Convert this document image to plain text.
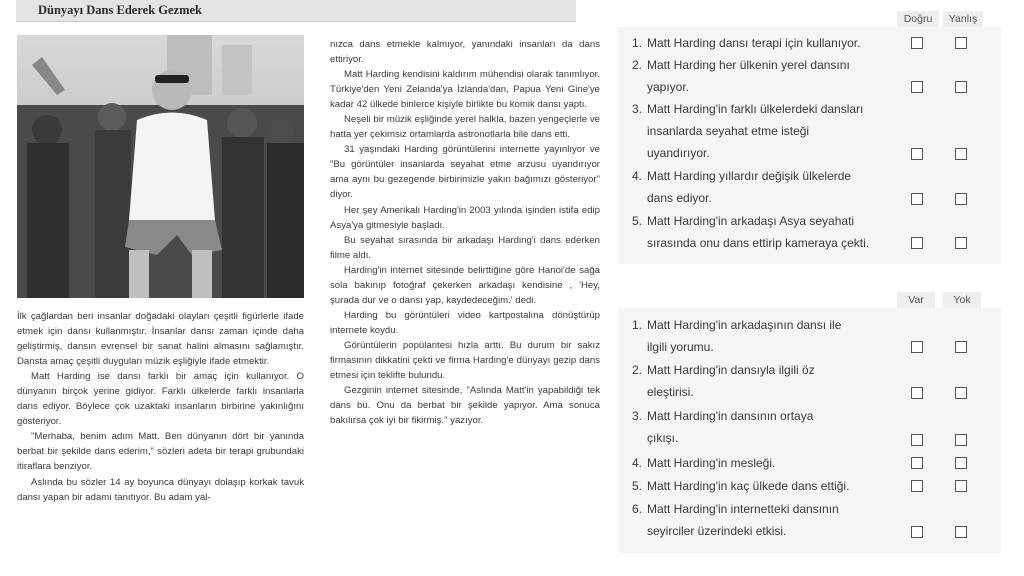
Dünyayı Dans Ederek Gezmek

İlk çağlardan beri insanlar doğadaki olayları çeşitli figürlerle ifade etmek için dansı kullanmıştır. İnsanlar dansı zaman içinde daha geliştirmiş, dansın evrensel bir sanat halini almasını sağlamıştır. Dansta amaç çeşitli duyguları müzik eşliğiyle ifade etmektir.

Matt Harding ise dansı farklı bir amaç için kullanıyor. O dünyanın birçok yerine gidiyor. Farklı ülkelerde farklı insanlarla dans ediyor. Böylece çok uzaktaki insanların birbirine yakınlığını gösteriyor.

"Merhaba, benim adım Matt. Ben dünyanın dört bir yanında berbat bir şekilde dans ederim," sözleri adeta bir terapi grubundaki itiraflara benziyor.

Aslında bu sözler 14 ay boyunca dünyayı dolaşıp korkak tavuk dansı yapan bir adamı tanıtıyor. Bu adam yal-

nızca dans etmekle kalmıyor, yanındaki insanları da dans ettiriyor.

Matt Harding kendisini kaldırım mühendisi olarak tanımlıyor. Türkiye'den Yeni Zelanda'ya İzlanda'dan, Papua Yeni Gine'ye kadar 42 ülkede binlerce kişiyle birlikte bu komik dansı yaptı.

Neşeli bir müzik eşliğinde yerel halkla, bazen yengeçlerle ve hatta yer çekimsiz ortamlarda astronotlarla bile dans etti.

31 yaşındaki Harding görüntülerini internette yayınlıyor ve "Bu görüntüler insanlarda seyahat etme arzusu uyandırıyor ama aynı bu gezegende birbirimizle yakın bağımızı gösteriyor" diyor.

Her şey Amerikalı Harding'in 2003 yılında işinden istifa edip Asya'ya gitmesiyle başladı.

Bu seyahat sırasında bir arkadaşı Harding'i dans ederken filme aldı.

Harding'in internet sitesinde belirttiğine göre Hanoi'de sağa sola bakınıp fotoğraf çekerken arkadaşı kendisine , 'Hey, şurada dur ve o dansı yap, kaydedeceğim.' dedi.

Harding bu görüntüleri video kartpostalına dönüştürüp internete koydu.

Görüntülerin popülaritesi hızla arttı. Bu durum bir sakız firmasının dikkatini çekti ve firma Harding'e dünyayı gezip dans etmesi için teklifte bulundu.

Gezginin internet sitesinde, "Aslında Matt'in yapabildiği tek dans bu. Onu da berbat bir şekilde yapıyor. Ama sonuca bakılırsa çok iyi bir fikirmiş." yazıyor.

Doğru	Yanlış
1. Matt Harding dansı terapi için kullanıyor.
2. Matt Harding her ülkenin yerel dansını
yapıyor.
3. Matt Harding'in farklı ülkelerdeki dansları
insanlarda seyahat etme isteği
uyandırıyor.
4. Matt Harding yıllardır değişik ülkelerde
dans ediyor.
5. Matt Harding'in arkadaşı Asya seyahati
sırasında onu dans ettirip kameraya çekti.
Var	Yok
1. Matt Harding'in arkadaşının dansı ile
ilgili yorumu.
2. Matt Harding'in dansıyla ilgili öz
eleştirisi.
3. Matt Harding'in dansının ortaya
çıkışı.
4. Matt Harding'in mesleği.
5. Matt Harding'in kaç ülkede dans ettiği.
6. Matt Harding'in internetteki dansının
seyirciler üzerindeki etkisi.
